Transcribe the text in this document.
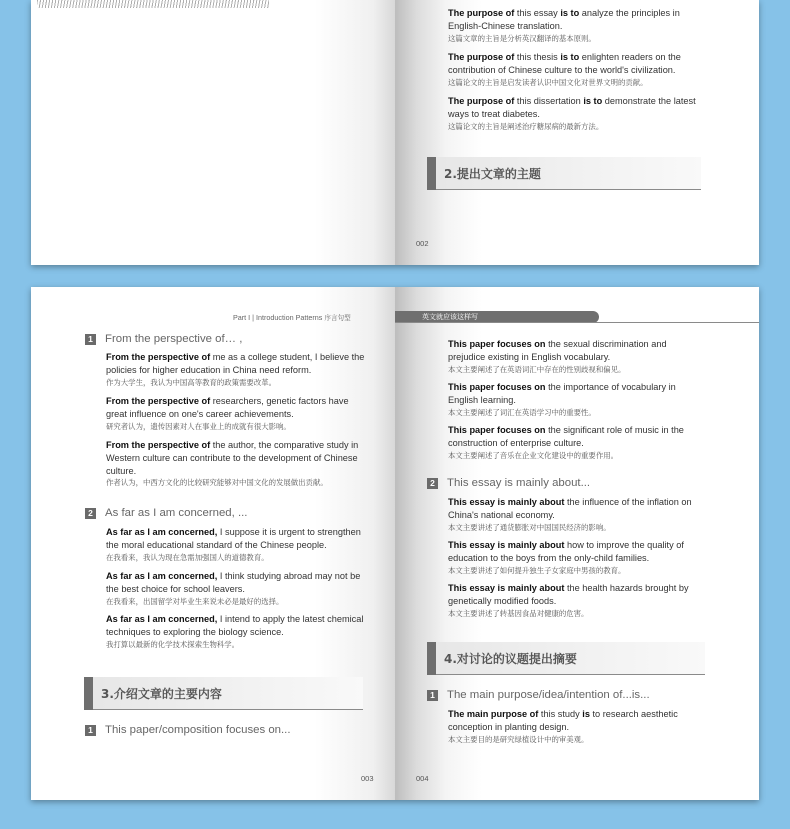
The purpose of this essay is to analyze the principles in English-Chinese translation.
这篇文章的主旨是分析英汉翻译的基本原则。
The purpose of this thesis is to enlighten readers on the contribution of Chinese culture to the world's civilization.
这篇论文的主旨是启发读者认识中国文化对世界文明的贡献。
The purpose of this dissertation is to demonstrate the latest ways to treat diabetes.
这篇论文的主旨是阐述治疗糖尿病的最新方法。
2.提出文章的主题
002
Part I | Introduction Patterns 序言句型
1 From the perspective of… ,
From the perspective of me as a college student, I believe the policies for higher education in China need reform.
作为大学生，我认为中国高等教育的政策需要改革。
From the perspective of researchers, genetic factors have great influence on one's career achievements.
研究者认为，遗传因素对人在事业上的成就有很大影响。
From the perspective of the author, the comparative study in Western culture can contribute to the development of Chinese culture.
作者认为，中西方文化的比较研究能够对中国文化的发展做出贡献。
2 As far as I am concerned, ...
As far as I am concerned, I suppose it is urgent to strengthen the moral educational standard of the Chinese people.
在我看来，我认为现在急需加强国人的道德教育。
As far as I am concerned, I think studying abroad may not be the best choice for school leavers.
在我看来，出国留学对毕业生来说未必是最好的选择。
As far as I am concerned, I intend to apply the latest chemical techniques to exploring the biology science.
我打算以最新的化学技术探索生物科学。
3.介绍文章的主要内容
1 This paper/composition focuses on...
003
英文就应该这样写
This paper focuses on the sexual discrimination and prejudice existing in English vocabulary.
本文主要阐述了在英语词汇中存在的性别歧视和偏见。
This paper focuses on the importance of vocabulary in English learning.
本文主要阐述了词汇在英语学习中的重要性。
This paper focuses on the significant role of music in the construction of enterprise culture.
本文主要阐述了音乐在企业文化建设中的重要作用。
2 This essay is mainly about...
This essay is mainly about the influence of the inflation on China's national economy.
本文主要讲述了通货膨胀对中国国民经济的影响。
This essay is mainly about how to improve the quality of education to the boys from the only-child families.
本文主要讲述了如何提升独生子女家庭中男孩的教育。
This essay is mainly about the health hazards brought by genetically modified foods.
本文主要讲述了转基因食品对健康的危害。
4.对讨论的议题提出摘要
1 The main purpose/idea/intention of...is...
The main purpose of this study is to research aesthetic conception in planting design.
本文主要目的是研究绿植设计中的审美观。
004
